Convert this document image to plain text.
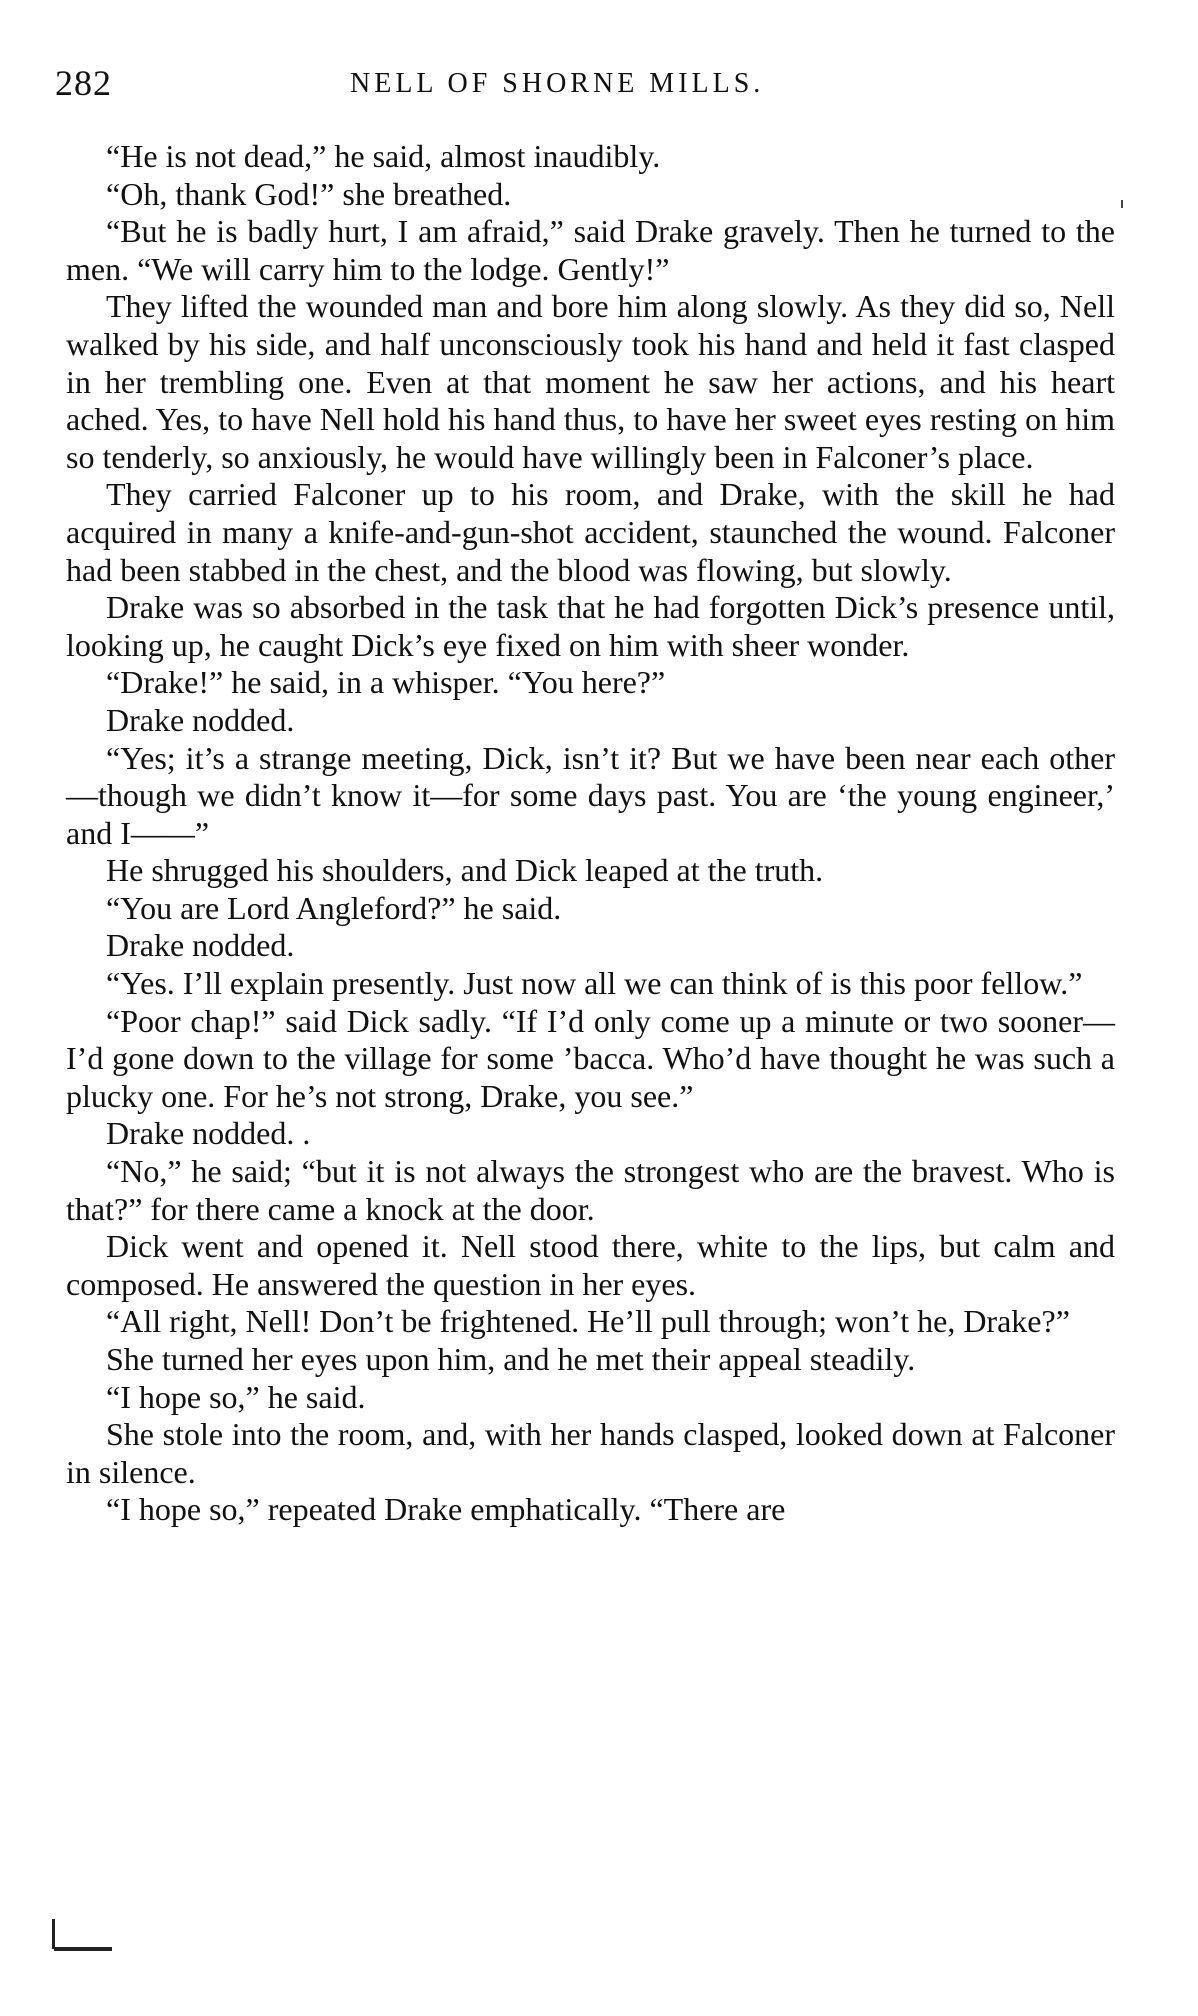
282	NELL OF SHORNE MILLS.

“He is not dead,” he said, almost inaudibly.

“Oh, thank God!” she breathed.

“But he is badly hurt, I am afraid,” said Drake gravely. Then he turned to the men. “We will carry him to the lodge. Gently!”

They lifted the wounded man and bore him along slowly. As they did so, Nell walked by his side, and half unconsciously took his hand and held it fast clasped in her trembling one. Even at that moment he saw her actions, and his heart ached. Yes, to have Nell hold his hand thus, to have her sweet eyes resting on him so tenderly, so anxiously, he would have willingly been in Falconer’s place.

They carried Falconer up to his room, and Drake, with the skill he had acquired in many a knife-and-gun-shot accident, staunched the wound. Falconer had been stabbed in the chest, and the blood was flowing, but slowly.

Drake was so absorbed in the task that he had forgotten Dick’s presence until, looking up, he caught Dick’s eye fixed on him with sheer wonder.

“Drake!” he said, in a whisper. “You here?”

Drake nodded.

“Yes; it’s a strange meeting, Dick, isn’t it? But we have been near each other—though we didn’t know it—for some days past. You are ‘the young engineer,’ and I——”

He shrugged his shoulders, and Dick leaped at the truth.

“You are Lord Angleford?” he said.

Drake nodded.

“Yes. I’ll explain presently. Just now all we can think of is this poor fellow.”

“Poor chap!” said Dick sadly. “If I’d only come up a minute or two sooner—I’d gone down to the village for some ’bacca. Who’d have thought he was such a plucky one. For he’s not strong, Drake, you see.”

Drake nodded. .

“No,” he said; “but it is not always the strongest who are the bravest. Who is that?” for there came a knock at the door.

Dick went and opened it. Nell stood there, white to the lips, but calm and composed. He answered the question in her eyes.

“All right, Nell! Don’t be frightened. He’ll pull through; won’t he, Drake?”

She turned her eyes upon him, and he met their appeal steadily.

“I hope so,” he said.

She stole into the room, and, with her hands clasped, looked down at Falconer in silence.

“I hope so,” repeated Drake emphatically. “There are
